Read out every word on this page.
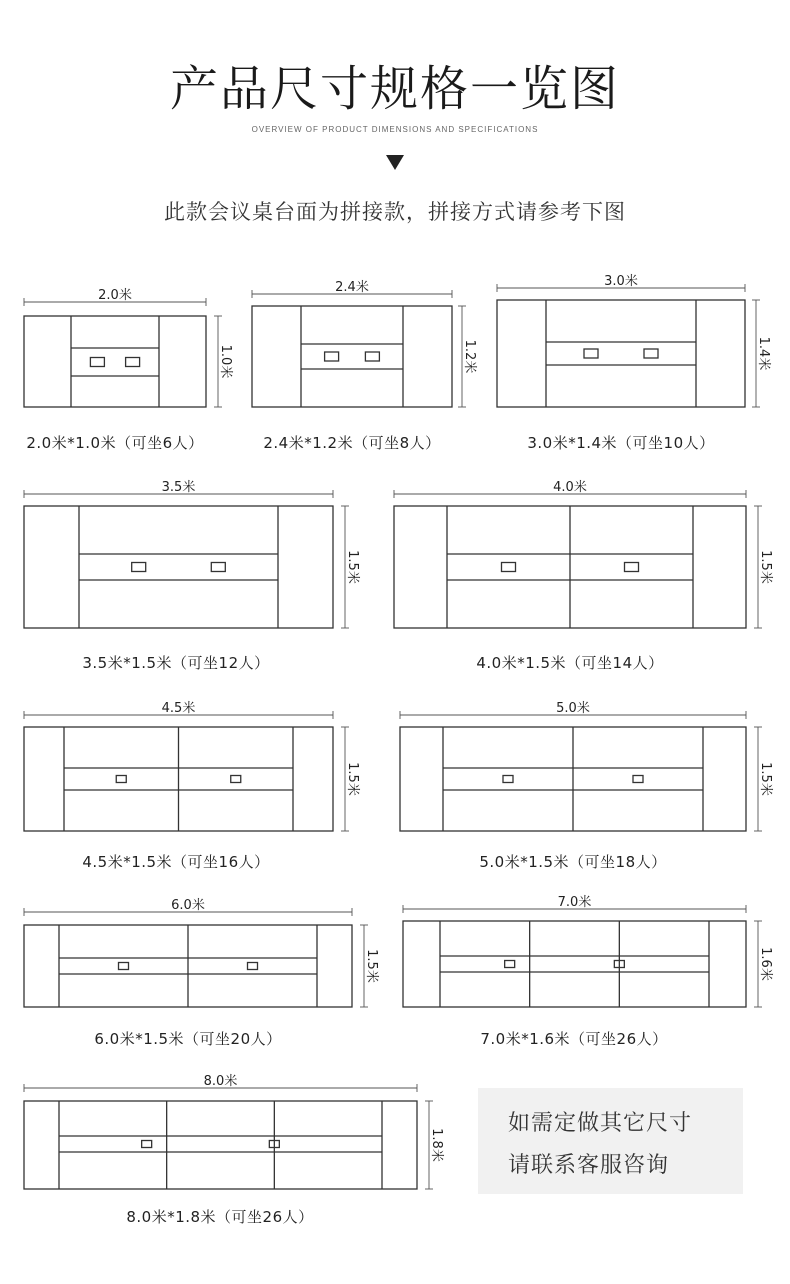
产品尺寸规格一览图
OVERVIEW OF PRODUCT DIMENSIONS AND SPECIFICATIONS
此款会议桌台面为拼接款，拼接方式请参考下图
2.0米
1.0米
2.4米
1.2米
3.0米
1.4米
3.5米
1.5米
4.0米
1.5米
4.5米
1.5米
5.0米
1.5米
6.0米
1.5米
7.0米
1.6米
8.0米
1.8米
2.0米*1.0米（可坐6人）	2.4米*1.2米（可坐8人）	3.0米*1.4米（可坐10人）
3.5米*1.5米（可坐12人）	4.0米*1.5米（可坐14人）
4.5米*1.5米（可坐16人）	5.0米*1.5米（可坐18人）
6.0米*1.5米（可坐20人）	7.0米*1.6米（可坐26人）
8.0米*1.8米（可坐26人）
如需定做其它尺寸
请联系客服咨询
